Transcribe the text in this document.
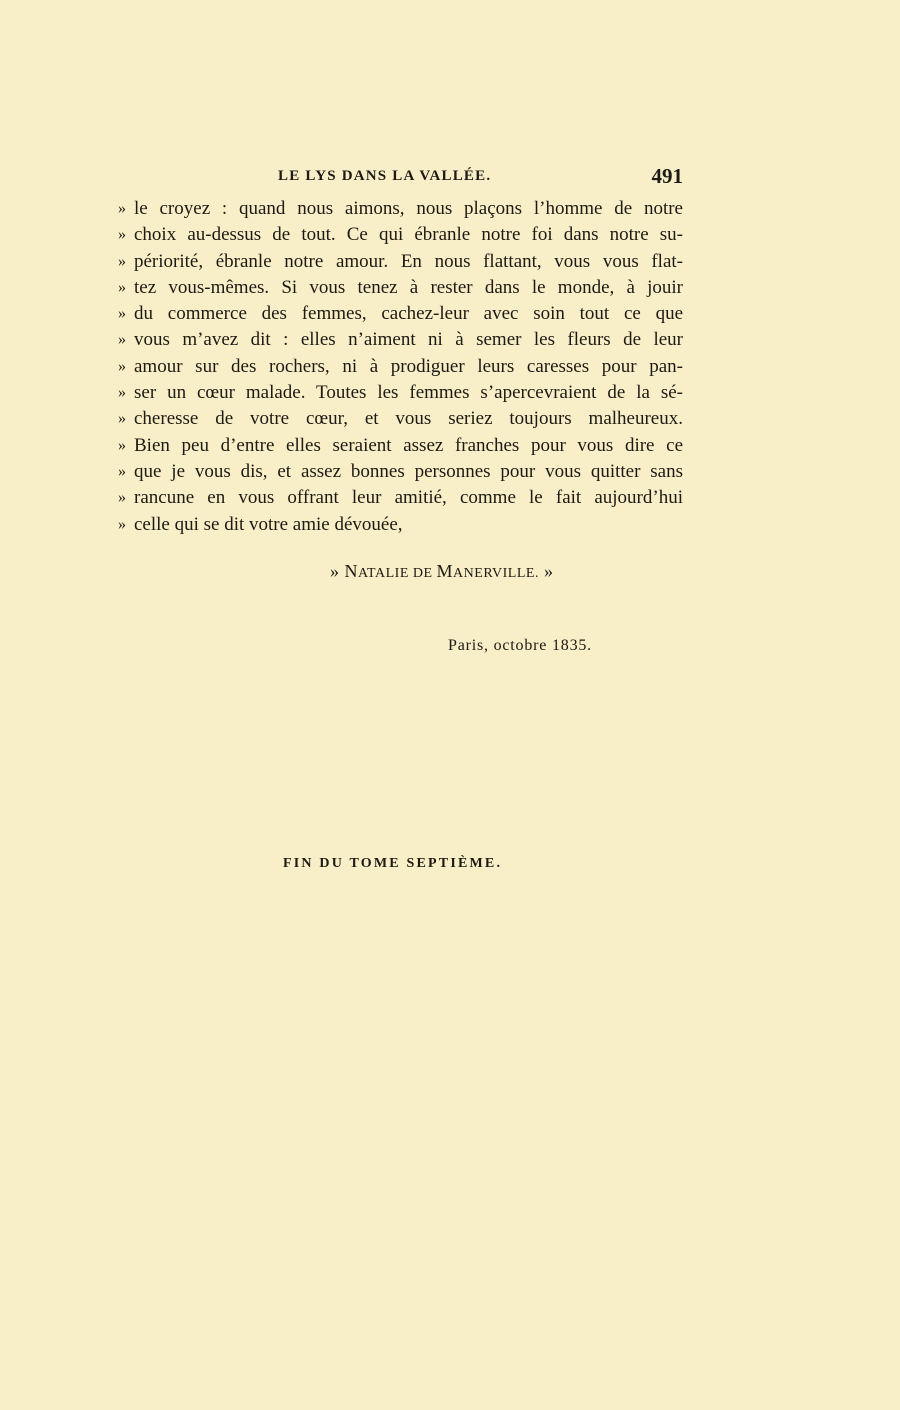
LE LYS DANS LA VALLÉE.	491
» le croyez : quand nous aimons, nous plaçons l’homme de notre
» choix au-dessus de tout. Ce qui ébranle notre foi dans notre su-
» périorité, ébranle notre amour. En nous flattant, vous vous flat-
» tez vous-mêmes. Si vous tenez à rester dans le monde, à jouir
» du commerce des femmes, cachez-leur avec soin tout ce que
» vous m’avez dit : elles n’aiment ni à semer les fleurs de leur
» amour sur des rochers, ni à prodiguer leurs caresses pour pan-
» ser un cœur malade. Toutes les femmes s’apercevraient de la sé-
» cheresse de votre cœur, et vous seriez toujours malheureux.
» Bien peu d’entre elles seraient assez franches pour vous dire ce
» que je vous dis, et assez bonnes personnes pour vous quitter sans
» rancune en vous offrant leur amitié, comme le fait aujourd’hui
» celle qui se dit votre amie dévouée,
» NATALIE DE MANERVILLE. »
Paris, octobre 1835.
FIN DU TOME SEPTIÈME.
